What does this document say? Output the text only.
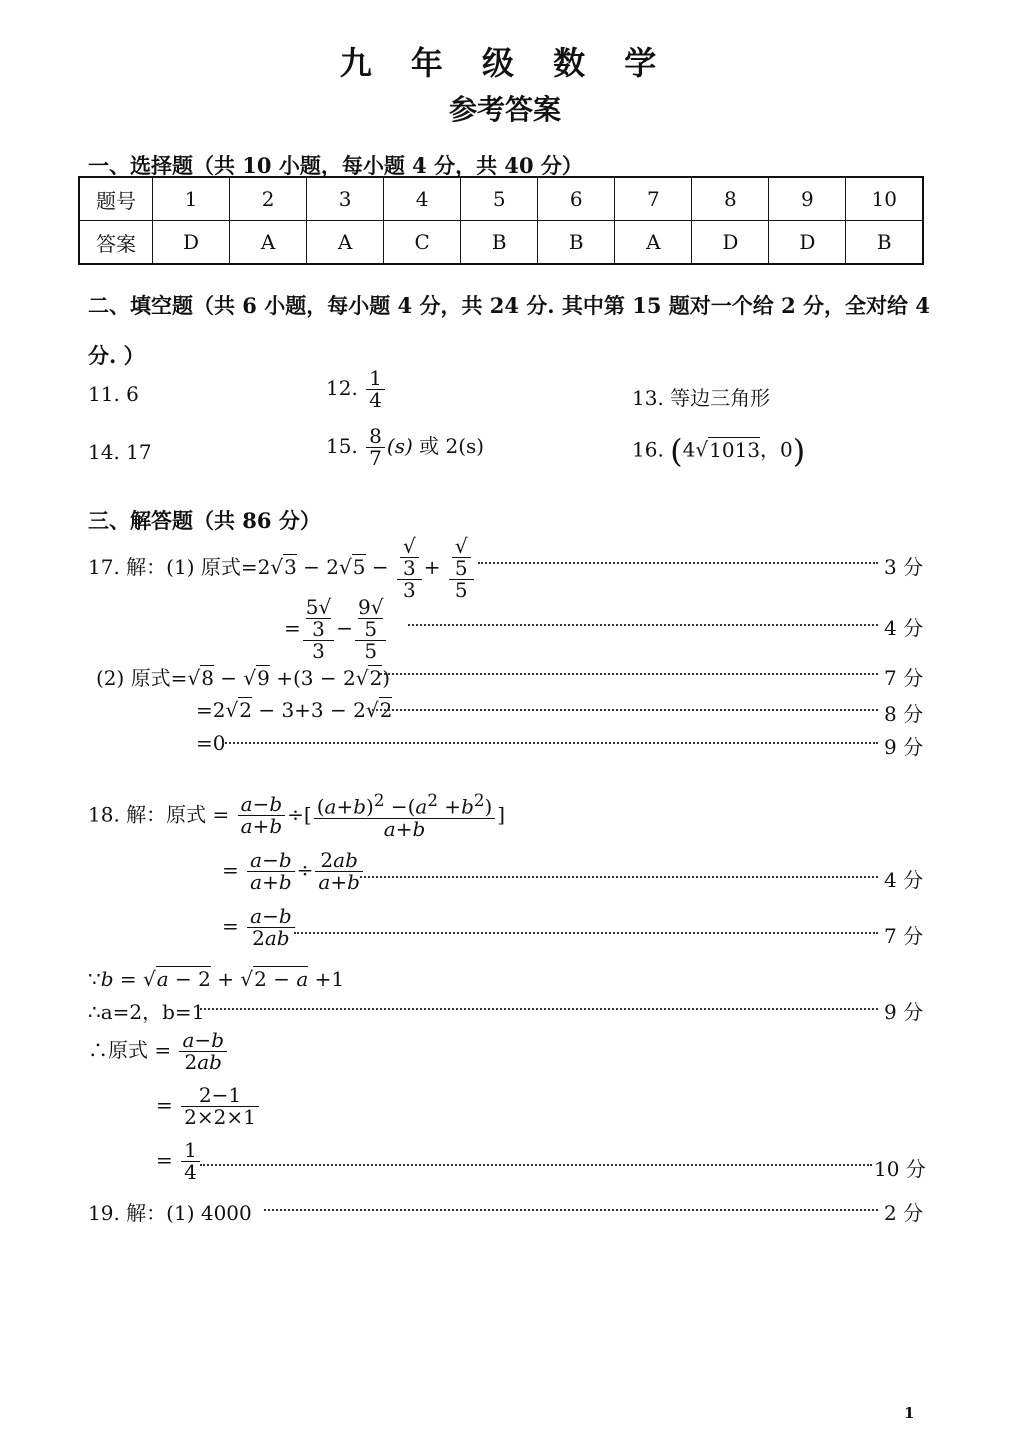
九 年 级 数 学
参考答案
一、选择题（共 10 小题，每小题 4 分，共 40 分）
题号	1	2	3	4	5	6	7	8	9	10
答案	D	A	A	C	B	B	A	D	D	B
二、填空题（共 6 小题，每小题 4 分，共 24 分. 其中第 15 题对一个给 2 分，全对给 4
分. ）
11. 6	12. $\frac{1}{4}$	13. 等边三角形
14. 17	15. $\frac{8}{7} (s)$ 或 2(s)	16. (4√1013，0)
三、解答题（共 86 分）
17. 解：(1) 原式=2√3 − 2√5 − √
3
3 + √
5
5	3 分
= 5√
3
3 − 9√
5
5	4 分
(2) 原式=√8 − √9 +(3 − 2√2)	7 分
=2√2 − 3+3 − 2√2	8 分
=0	9 分
18. 解：原式 = $\frac{a-b}{a+b}$ ÷[ $\frac{(a+b)^2 -(a^2 +b^2)}{a+b}$ ]
= $\frac{a-b}{a+b} \div \frac{2ab}{a+b}$	4 分
= $\frac{a-b}{2ab}$	7 分
∵b = √a − 2 + √2 − a +1
∴a=2，b=1	9 分
∴原式 = $\frac{a-b}{2ab}$
= $\frac{2-1}{2\times 2\times 1}$
= $\frac{1}{4}$	10 分
19. 解：(1) 4000	2 分
1
